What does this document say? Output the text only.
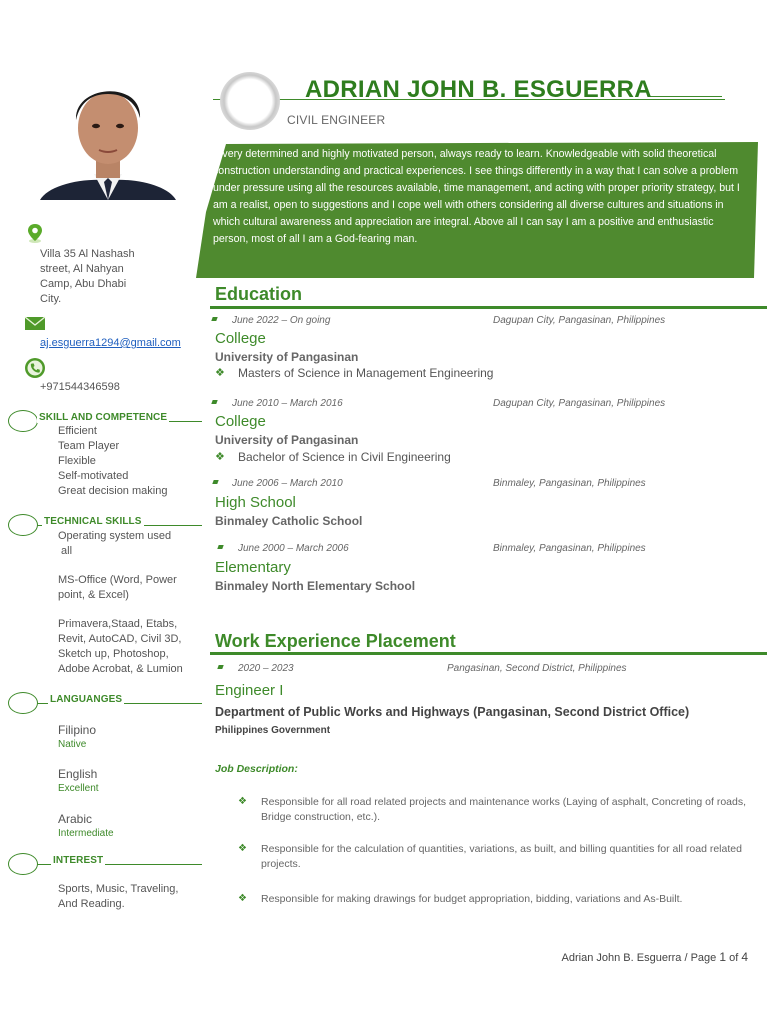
Villa 35 Al Nashash
street, Al Nahyan
Camp, Abu Dhabi
City.
aj.esguerra1294@gmail.com
+971544346598
SKILL AND COMPETENCE
Efficient
Team Player
Flexible
Self-motivated
Great decision making
TECHNICAL SKILLS
Operating system used
all
MS-Office (Word, Power
point, & Excel)
Primavera,Staad, Etabs,
Revit, AutoCAD, Civil 3D,
Sketch up, Photoshop,
Adobe Acrobat, & Lumion
LANGUANGES
Filipino
Native
English
Excellent
Arabic
Intermediate
INTEREST
Sports, Music, Traveling,
And Reading.
ADRIAN JOHN B. ESGUERRA
CIVIL ENGINEER
A very determined and highly motivated person, always ready to learn. Knowledgeable with solid theoretical construction understanding and practical experiences. I see things differently in a way that I can solve a problem under pressure using all the resources available, time management, and acting with proper priority strategy, but I am a realist, open to suggestions and I cope well with others considering all diverse cultures and situations in which cultural awareness and appreciation are integral. Above all I can say I am a positive and enthusiastic person, most of all I am a God-fearing man.
Education
June 2022 – On going	Dagupan City, Pangasinan, Philippines
College
University of Pangasinan
❖ Masters of Science in Management Engineering
June 2010 – March 2016	Dagupan City, Pangasinan, Philippines
College
University of Pangasinan
❖ Bachelor of Science in Civil Engineering
June 2006 – March 2010	Binmaley, Pangasinan, Philippines
High School
Binmaley Catholic School
June 2000 – March 2006	Binmaley, Pangasinan, Philippines
Elementary
Binmaley North Elementary School
Work Experience Placement
2020 – 2023	Pangasinan, Second District, Philippines
Engineer I
Department of Public Works and Highways (Pangasinan, Second District Office)
Philippines Government
Job Description:
❖ Responsible for all road related projects and maintenance works (Laying of asphalt, Concreting of roads, Bridge construction, etc.).
❖ Responsible for the calculation of quantities, variations, as built, and billing quantities for all road related projects.
❖ Responsible for making drawings for budget appropriation, bidding, variations and As-Built.
Adrian John B. Esguerra / Page 1 of 4
